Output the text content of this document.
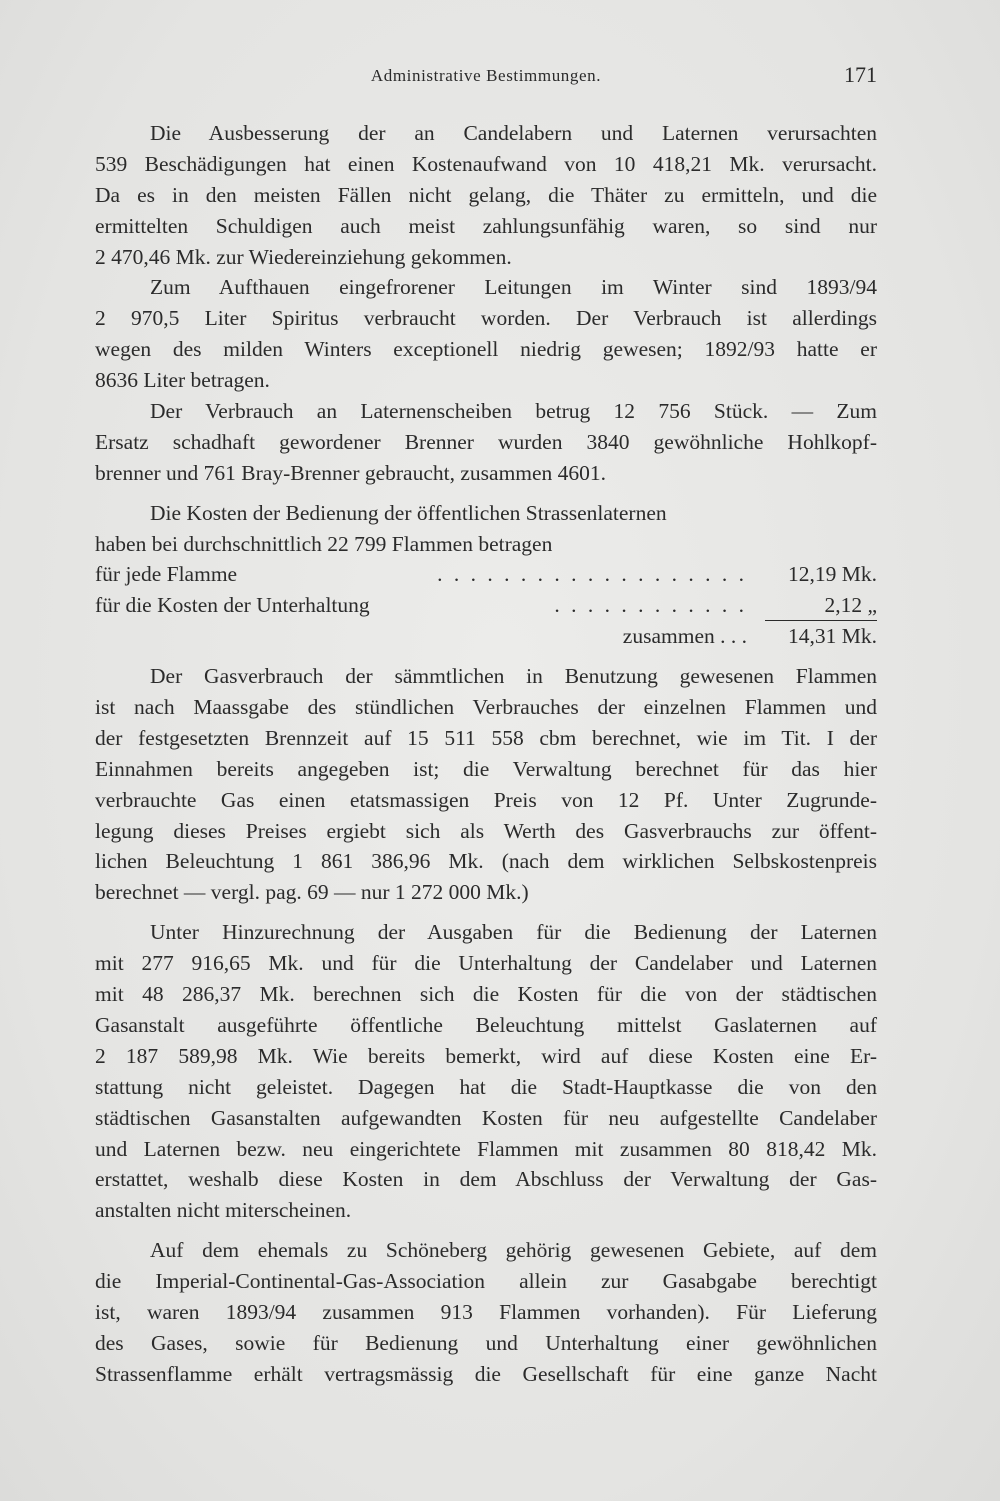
Administrative Bestimmungen.	171
Die Ausbesserung der an Candelabern und Laternen verursachten
539 Beschädigungen hat einen Kostenaufwand von 10 418,21 Mk. verursacht.
Da es in den meisten Fällen nicht gelang, die Thäter zu ermitteln, und die
ermittelten Schuldigen auch meist zahlungsunfähig waren, so sind nur
2 470,46 Mk. zur Wiedereinziehung gekommen.
Zum Aufthauen eingefrorener Leitungen im Winter sind 1893/94
2 970,5 Liter Spiritus verbraucht worden. Der Verbrauch ist allerdings
wegen des milden Winters exceptionell niedrig gewesen; 1892/93 hatte er
8636 Liter betragen.
Der Verbrauch an Laternenscheiben betrug 12 756 Stück. — Zum
Ersatz schadhaft gewordener Brenner wurden 3840 gewöhnliche Hohlkopf-
brenner und 761 Bray-Brenner gebraucht, zusammen 4601.
Die Kosten der Bedienung der öffentlichen Strassenlaternen
haben bei durchschnittlich 22 799 Flammen betragen
für jede Flamme	. . . . . . . . . . . . . . . . . . .	12,19 Mk.
für die Kosten der Unterhaltung	. . . . . . . . . . . .	2,12 „
zusammen . . .	14,31 Mk.
Der Gasverbrauch der sämmtlichen in Benutzung gewesenen Flammen
ist nach Maassgabe des stündlichen Verbrauches der einzelnen Flammen und
der festgesetzten Brennzeit auf 15 511 558 cbm berechnet, wie im Tit. I der
Einnahmen bereits angegeben ist; die Verwaltung berechnet für das hier
verbrauchte Gas einen etatsmassigen Preis von 12 Pf. Unter Zugrunde-
legung dieses Preises ergiebt sich als Werth des Gasverbrauchs zur öffent-
lichen Beleuchtung 1 861 386,96 Mk. (nach dem wirklichen Selbskostenpreis
berechnet — vergl. pag. 69 — nur 1 272 000 Mk.)
Unter Hinzurechnung der Ausgaben für die Bedienung der Laternen
mit 277 916,65 Mk. und für die Unterhaltung der Candelaber und Laternen
mit 48 286,37 Mk. berechnen sich die Kosten für die von der städtischen
Gasanstalt ausgeführte öffentliche Beleuchtung mittelst Gaslaternen auf
2 187 589,98 Mk. Wie bereits bemerkt, wird auf diese Kosten eine Er-
stattung nicht geleistet. Dagegen hat die Stadt-Hauptkasse die von den
städtischen Gasanstalten aufgewandten Kosten für neu aufgestellte Candelaber
und Laternen bezw. neu eingerichtete Flammen mit zusammen 80 818,42 Mk.
erstattet, weshalb diese Kosten in dem Abschluss der Verwaltung der Gas-
anstalten nicht miterscheinen.
Auf dem ehemals zu Schöneberg gehörig gewesenen Gebiete, auf dem
die Imperial-Continental-Gas-Association allein zur Gasabgabe berechtigt
ist, waren 1893/94 zusammen 913 Flammen vorhanden). Für Lieferung
des Gases, sowie für Bedienung und Unterhaltung einer gewöhnlichen
Strassenflamme erhält vertragsmässig die Gesellschaft für eine ganze Nacht
